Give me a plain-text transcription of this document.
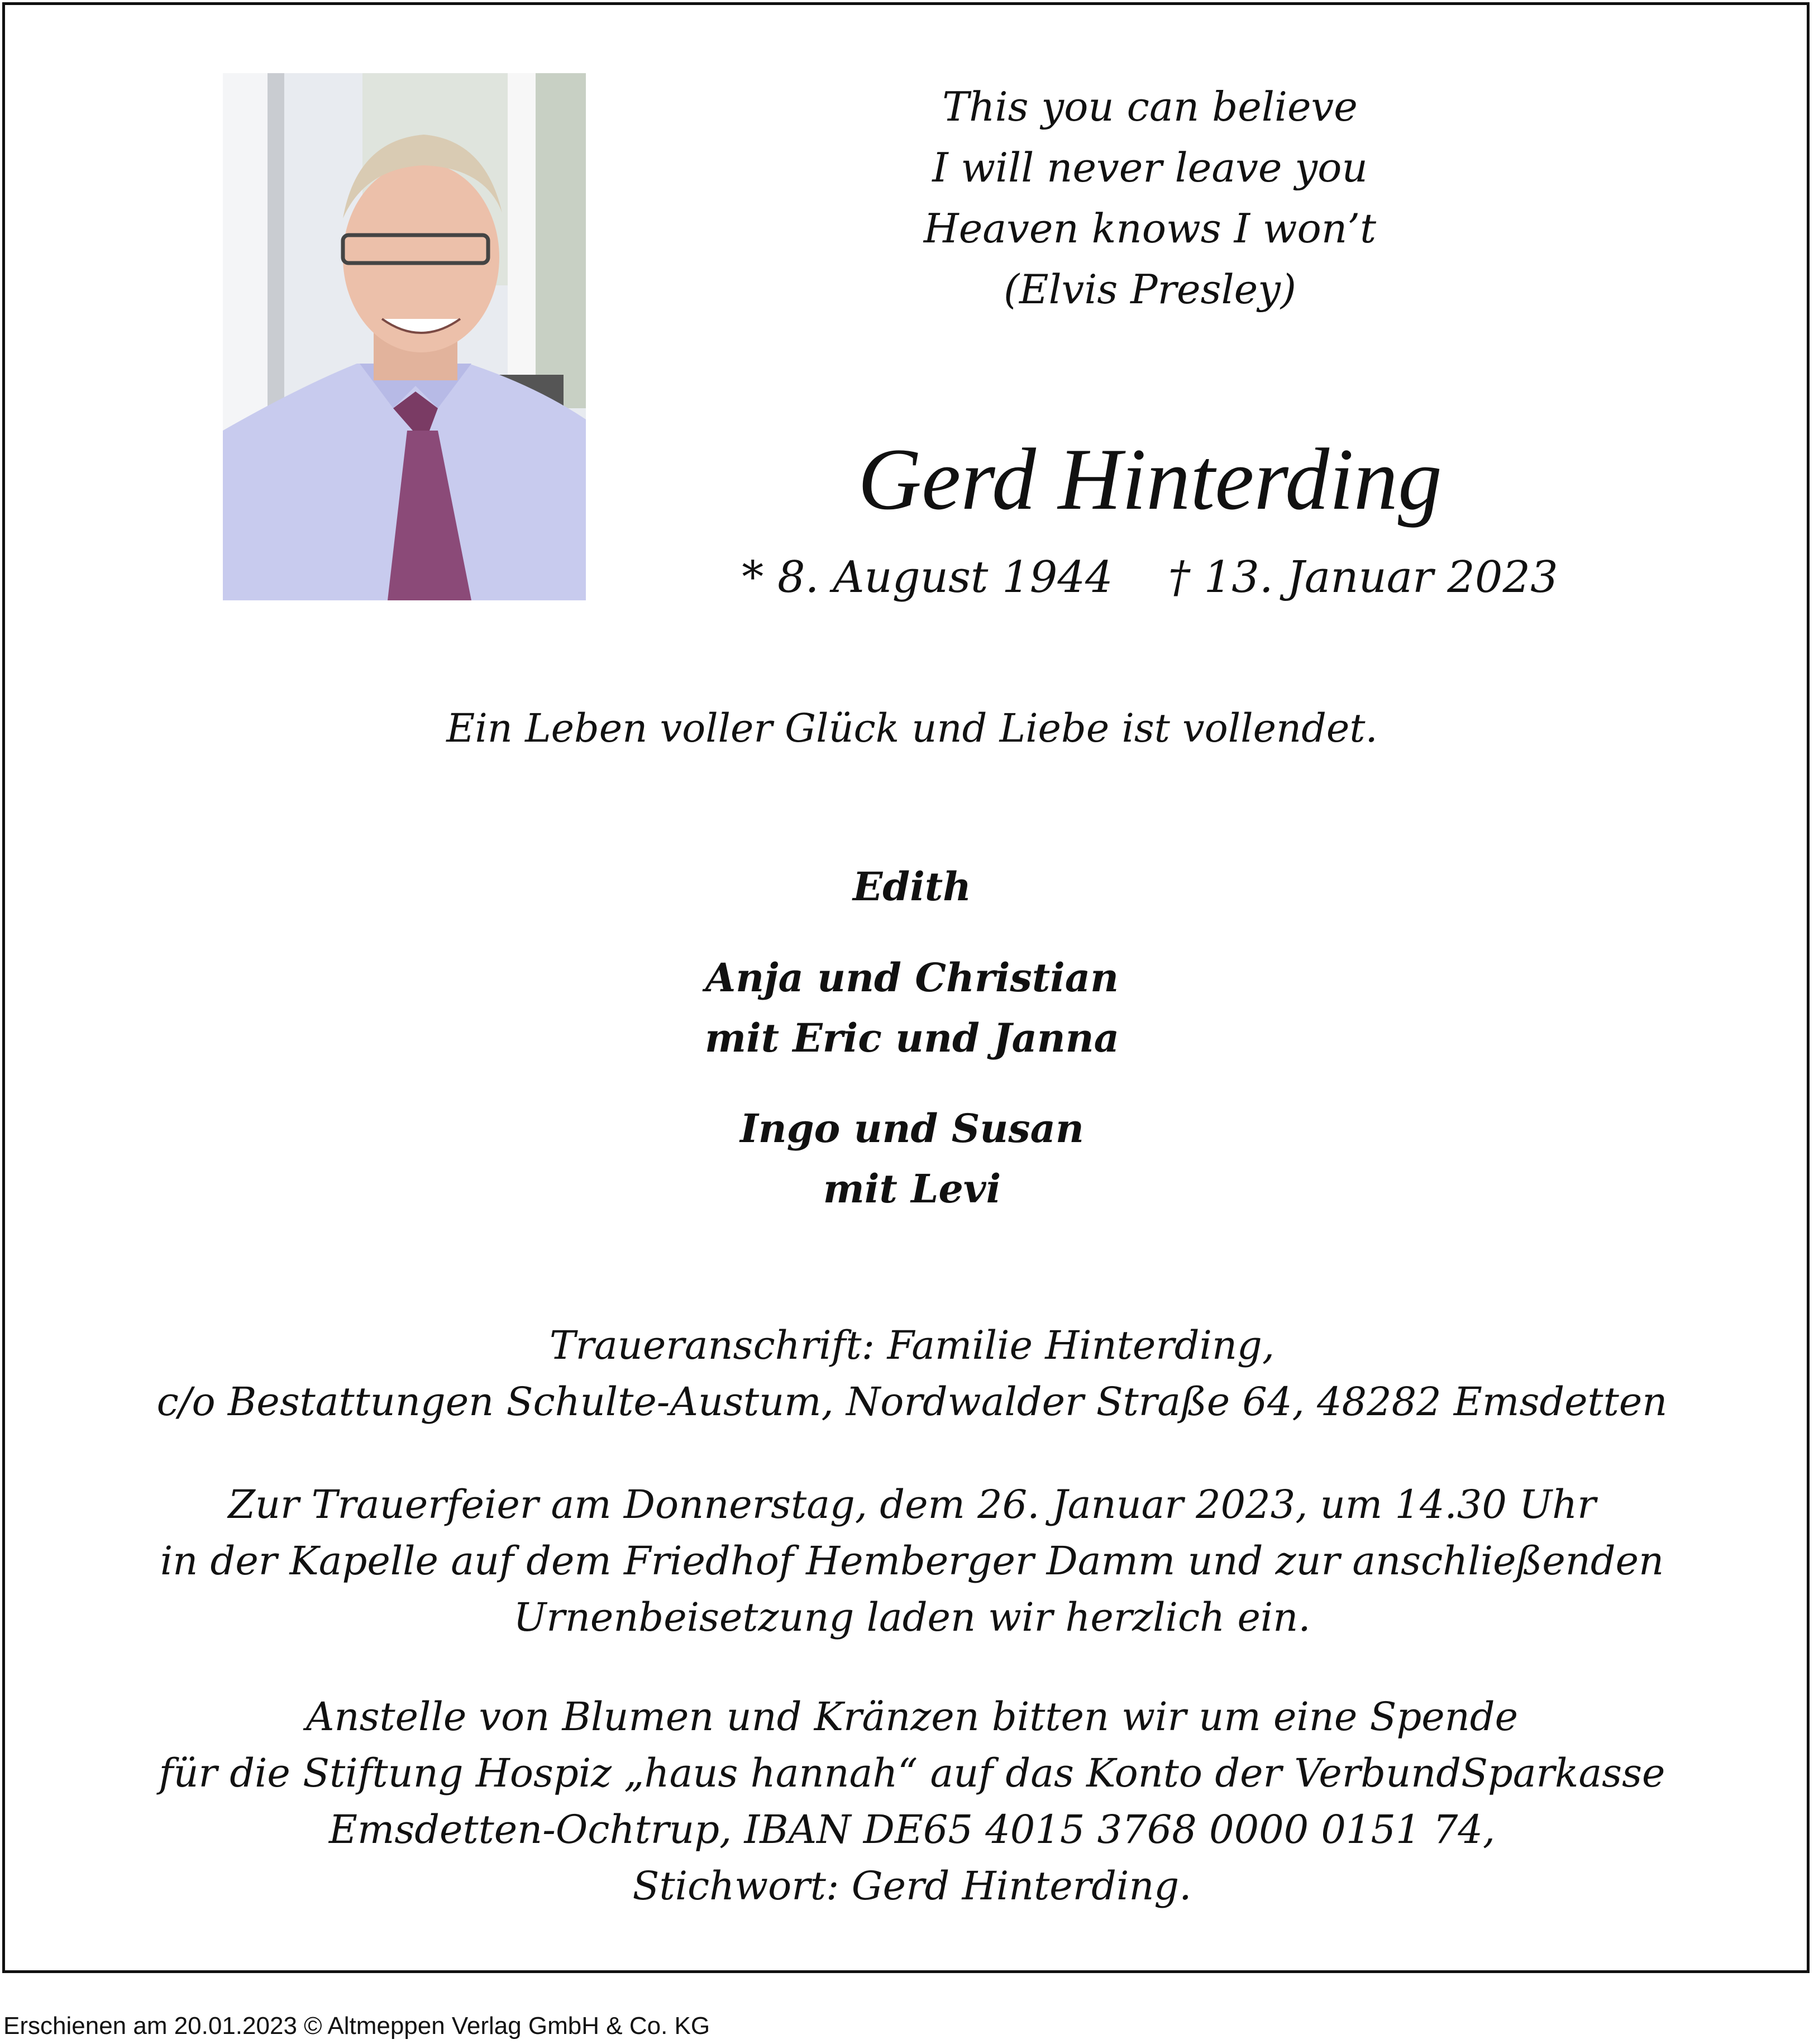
This you can believe
I will never leave you
Heaven knows I won’t
(Elvis Presley)
Gerd Hinterding
* 8. August 1944    † 13. Januar 2023
Ein Leben voller Glück und Liebe ist vollendet.
Edith
Anja und Christian
mit Eric und Janna
Ingo und Susan
mit Levi
Traueranschrift: Familie Hinterding,
c/o Bestattungen Schulte-Austum, Nordwalder Straße 64, 48282 Emsdetten
Zur Trauerfeier am Donnerstag, dem 26. Januar 2023, um 14.30 Uhr
in der Kapelle auf dem Friedhof Hemberger Damm und zur anschließenden
Urnenbeisetzung laden wir herzlich ein.
Anstelle von Blumen und Kränzen bitten wir um eine Spende
für die Stiftung Hospiz „haus hannah“ auf das Konto der VerbundSparkasse
Emsdetten-Ochtrup, IBAN DE65 4015 3768 0000 0151 74,
Stichwort: Gerd Hinterding.
Erschienen am 20.01.2023 © Altmeppen Verlag GmbH & Co. KG
